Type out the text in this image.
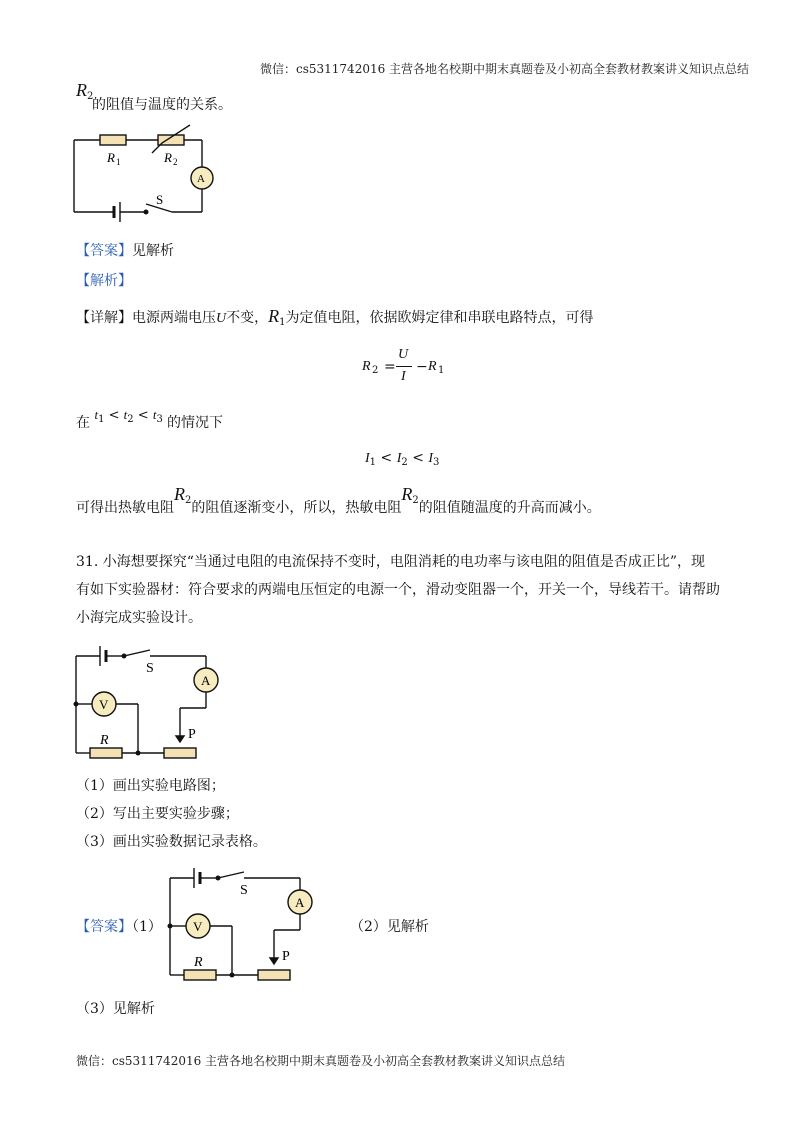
微信：cs5311742016 主营各地名校期中期末真题卷及小初高全套教材教案讲义知识点总结
$R_2$
的阻值与温度的关系。
R 1	R 2
A
S
【答案】见解析
【解析】
【详解】电源两端电压U不变，$R_1$为定值电阻，依据欧姆定律和串联电路特点，可得
R 2 =
U
I
− R 1
在 $t_1 < t_2 < t_3$ 的情况下
$I_1 < I_2 < I_3$
可得出热敏电阻$R_2$的阻值逐渐变小，所以，热敏电阻$R_2$的阻值随温度的升高而减小。
31. 小海想要探究“当通过电阻的电流保持不变时，电阻消耗的电功率与该电阻的阻值是否成正比”，现
有如下实验器材：符合要求的两端电压恒定的电源一个，滑动变阻器一个，开关一个，导线若干。请帮助
小海完成实验设计。
S
A
V
R	P
（1）画出实验电路图；
（2）写出主要实验步骤；
（3）画出实验数据记录表格。
【答案】（1）
S
A
V
R	P
（2）见解析
（3）见解析
微信：cs5311742016 主营各地名校期中期末真题卷及小初高全套教材教案讲义知识点总结
